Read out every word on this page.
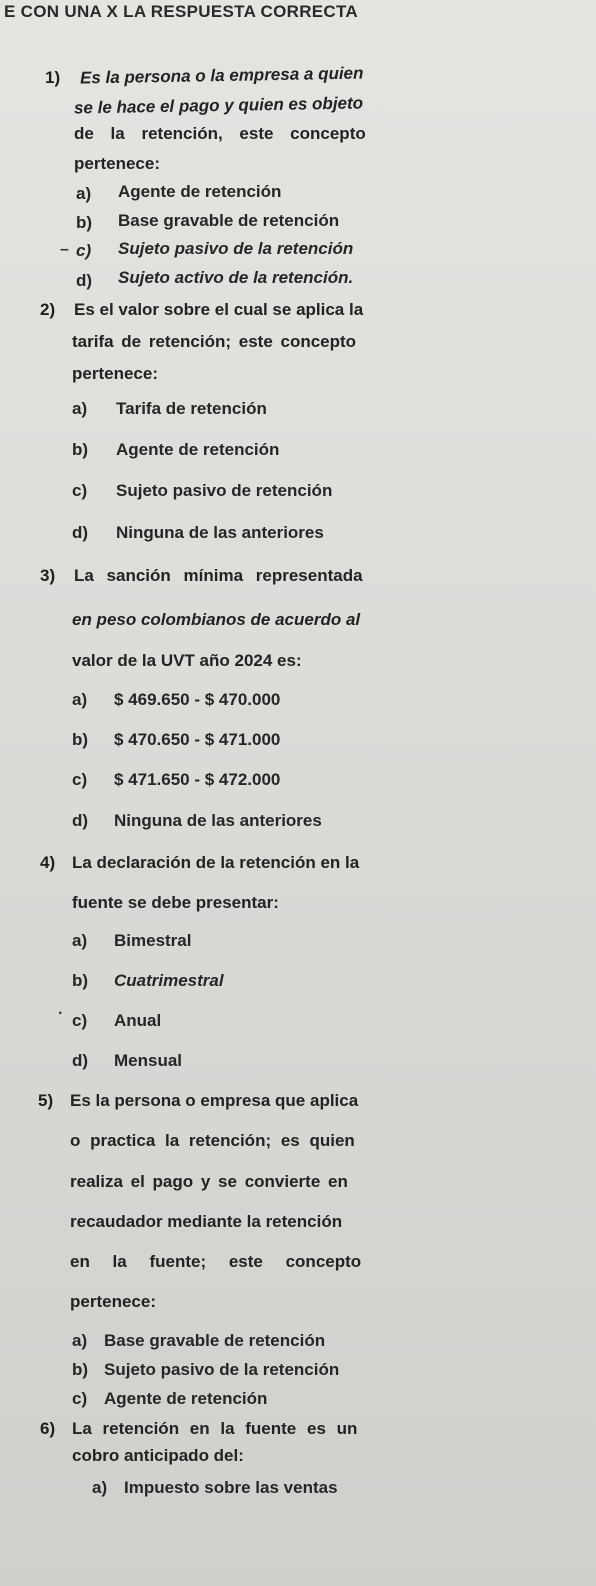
E CON UNA X LA RESPUESTA CORRECTA
1) Es la persona o la empresa a quien
se le hace el pago y quien es objeto
de la retención, este concepto
pertenece:
a) Agente de retención
b) Base gravable de retención
– c) Sujeto pasivo de la retención
d) Sujeto activo de la retención.
2) Es el valor sobre el cual se aplica la
tarifa de retención; este concepto
pertenece:
a) Tarifa de retención
b) Agente de retención
c) Sujeto pasivo de retención
d) Ninguna de las anteriores
3) La sanción mínima representada
en peso colombianos de acuerdo al
valor de la UVT año 2024 es:
a) $ 469.650 - $ 470.000
b) $ 470.650 - $ 471.000
c) $ 471.650 - $ 472.000
d) Ninguna de las anteriores
4) La declaración de la retención en la
fuente se debe presentar:
a) Bimestral
b) Cuatrimestral
· c) Anual
d) Mensual
5) Es la persona o empresa que aplica
o practica la retención; es quien
realiza el pago y se convierte en
recaudador mediante la retención
en la fuente; este concepto
pertenece:
a) Base gravable de retención
b) Sujeto pasivo de la retención
c) Agente de retención
6) La retención en la fuente es un
cobro anticipado del:
a) Impuesto sobre las ventas
